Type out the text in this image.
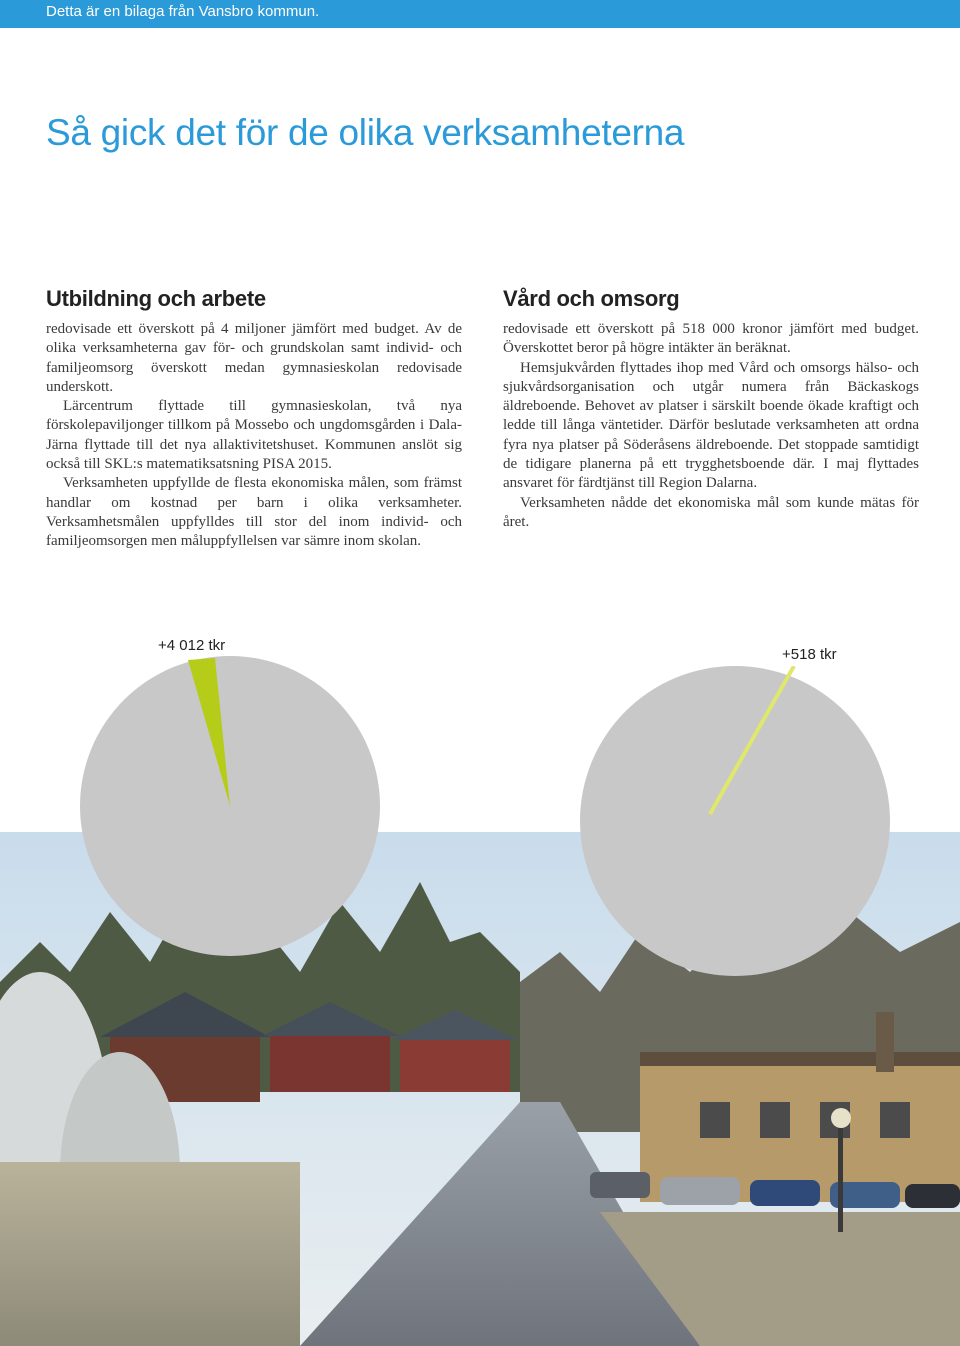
Detta är en bilaga från Vansbro kommun.
Så gick det för de olika verksamheterna
Utbildning och arbete

redovisade ett överskott på 4 miljoner jämfört med budget. Av de olika verksamheterna gav för- och grundskolan samt individ- och familjeomsorg överskott medan gymnasieskolan redovisade underskott.

Lärcentrum flyttade till gymnasieskolan, två nya förskolepaviljonger tillkom på Mossebo och ungdomsgården i Dala-Järna flyttade till det nya allaktivitetshuset. Kommunen anslöt sig också till SKL:s matematiksatsning PISA 2015.

Verksamheten uppfyllde de flesta ekonomiska målen, som främst handlar om kostnad per barn i olika verksamheter. Verksamhetsmålen uppfylldes till stor del inom individ- och familjeomsorgen men måluppfyllelsen var sämre inom skolan.

Vård och omsorg

redovisade ett överskott på 518 000 kronor jämfört med budget. Överskottet beror på högre intäkter än beräknat.

Hemsjukvården flyttades ihop med Vård och omsorgs hälso- och sjukvårdsorganisation och utgår numera från Bäckaskogs äldreboende. Behovet av platser i särskilt boende ökade kraftigt och ledde till långa väntetider. Därför beslutade verksamheten att ordna fyra nya platser på Söderåsens äldreboende. Det stoppade samtidigt de tidigare planerna på ett trygghetsboende där. I maj flyttades ansvaret för färdtjänst till Region Dalarna.

Verksamheten nådde det ekonomiska mål som kunde mätas för året.

+4 012 tkr
+518 tkr
